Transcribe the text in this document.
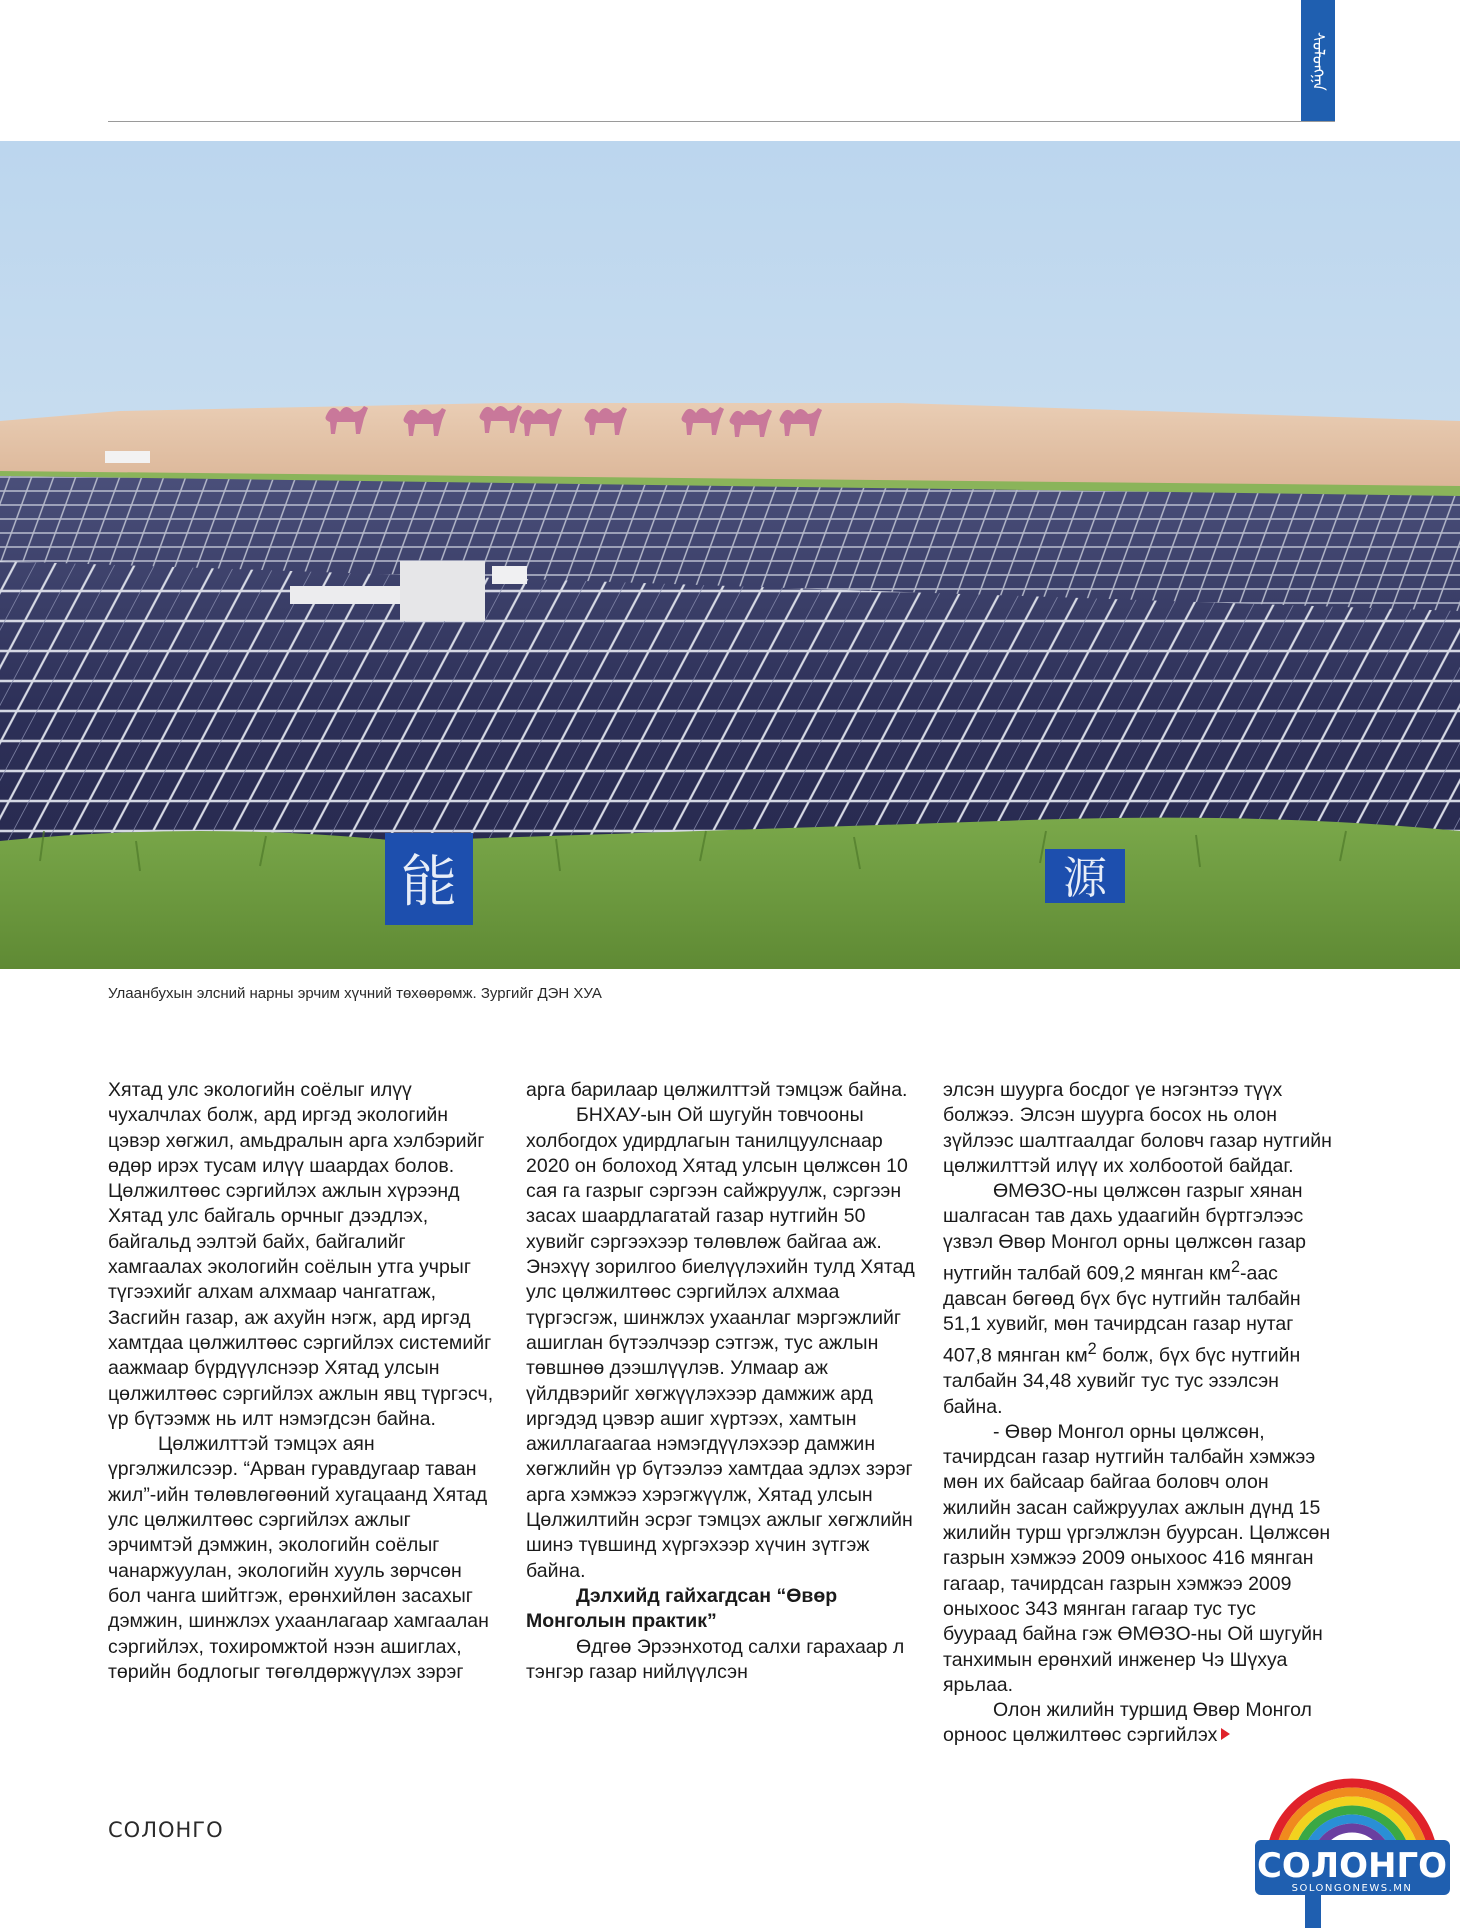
ᠰᠣᠯᠣᠩᠭᠠ
能	源
Улаанбухын элсний нарны эрчим хүчний төхөөрөмж. Зургийг ДЭН ХУА

Хятад улс экологийн соёлыг илүү чухалчлах болж, ард иргэд экологийн цэвэр хөгжил, амьдралын арга хэлбэрийг өдөр ирэх тусам илүү шаардах болов. Цөлжилтөөс сэргийлэх ажлын хүрээнд Хятад улс байгаль орчныг дээдлэх, байгальд ээлтэй байх, байгалийг хамгаалах экологийн соёлын утга учрыг түгээхийг алхам алхмаар чангатгаж, Засгийн газар, аж ахуйн нэгж, ард иргэд хамтдаа цөлжилтөөс сэргийлэх системийг аажмаар бүрдүүлснээр Хятад улсын цөлжилтөөс сэргийлэх ажлын явц түргэсч, үр бүтээмж нь илт нэмэгдсэн байна.

Цөлжилттэй тэмцэх аян үргэлжилсээр. “Арван гуравдугаар таван жил”-ийн төлөвлөгөөний хугацаанд Хятад улс цөлжилтөөс сэргийлэх ажлыг эрчимтэй дэмжин, экологийн соёлыг чанаржуулан, экологийн хууль зөрчсөн бол чанга шийтгэж, ерөнхийлөн засахыг дэмжин, шинжлэх ухаанлагаар хамгаалан сэргийлэх, тохиромжтой нээн ашиглах, төрийн бодлогыг төгөлдөржүүлэх зэрэг

арга барилаар цөлжилттэй тэмцэж байна.

БНХАУ-ын Ой шугуйн товчооны холбогдох удирдлагын танилцуулснаар 2020 он болоход Хятад улсын цөлжсөн 10 сая га газрыг сэргээн сайжруулж, сэргээн засах шаардлагатай газар нутгийн 50 хувийг сэргээхээр төлөвлөж байгаа аж. Энэхүү зорилгоо биелүүлэхийн тулд Хятад улс цөлжилтөөс сэргийлэх алхмаа түргэсгэж, шинжлэх ухаанлаг мэргэжлийг ашиглан бүтээлчээр сэтгэж, тус ажлын төвшнөө дээшлүүлэв. Улмаар аж үйлдвэрийг хөгжүүлэхээр дамжиж ард иргэдэд цэвэр ашиг хүртээх, хамтын ажиллагаагаа нэмэгдүүлэхээр дамжин хөгжлийн үр бүтээлээ хамтдаа эдлэх зэрэг арга хэмжээ хэрэгжүүлж, Хятад улсын Цөлжилтийн эсрэг тэмцэх ажлыг хөгжлийн шинэ түвшинд хүргэхээр хүчин зүтгэж байна.

Дэлхийд гайхагдсан “Өвөр Монголын практик”

Өдгөө Эрээнхотод салхи гарахаар л тэнгэр газар нийлүүлсэн

элсэн шуурга босдог үе нэгэнтээ түүх болжээ. Элсэн шуурга босох нь олон зүйлээс шалтгаалдаг боловч газар нутгийн цөлжилттэй илүү их холбоотой байдаг.

ӨМӨЗО-ны цөлжсөн газрыг хянан шалгасан тав дахь удаагийн бүртгэлээс үзвэл Өвөр Монгол орны цөлжсөн газар нутгийн талбай 609,2 мянган $км^2$-аас давсан бөгөөд бүх бүс нутгийн талбайн 51,1 хувийг, мөн тачирдсан газар нутаг 407,8 мянган $км^2$ болж, бүх бүс нутгийн талбайн 34,48 хувийг тус тус эзэлсэн байна.

- Өвөр Монгол орны цөлжсөн, тачирдсан газар нутгийн талбайн хэмжээ мөн их байсаар байгаа боловч олон жилийн засан сайжруулах ажлын дүнд 15 жилийн турш үргэлжлэн буурсан. Цөлжсөн газрын хэмжээ 2009 оныхоос 416 мянган гагаар, тачирдсан газрын хэмжээ 2009 оныхоос 343 мянган гагаар тус тус буураад байна гэж ӨМӨЗО-ны Ой шугуйн танхимын ерөнхий инженер Чэ Шүхуа ярьлаа.

Олон жилийн туршид Өвөр Монгол орноос цөлжилтөөс сэргийлэх

СОЛОНГО
СОЛОНГО
SOLONGONEWS.MN
